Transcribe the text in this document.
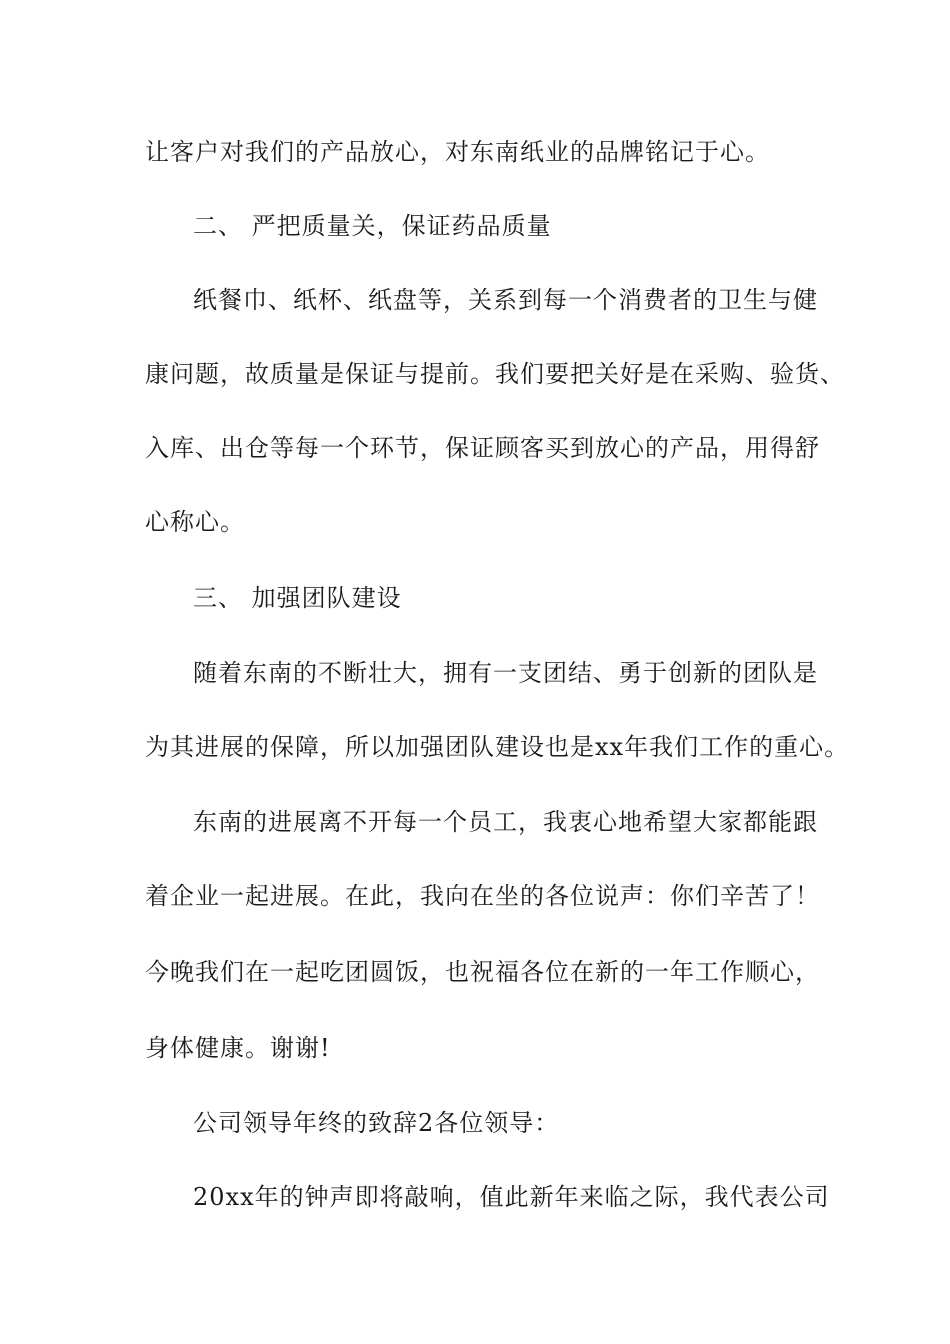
让客户对我们的产品放心，对东南纸业的品牌铭记于心。
二、 严把质量关，保证药品质量
纸餐巾、纸杯、纸盘等，关系到每一个消费者的卫生与健
康问题，故质量是保证与提前。我们要把关好是在采购、验货、
入库、出仓等每一个环节，保证顾客买到放心的产品，用得舒
心称心。
三、 加强团队建设
随着东南的不断壮大，拥有一支团结、勇于创新的团队是
为其进展的保障，所以加强团队建设也是xx年我们工作的重心。
东南的进展离不开每一个员工，我衷心地希望大家都能跟
着企业一起进展。在此，我向在坐的各位说声：你们辛苦了！
今晚我们在一起吃团圆饭，也祝福各位在新的一年工作顺心，
身体健康。谢谢!
公司领导年终的致辞2各位领导：
20xx年的钟声即将敲响，值此新年来临之际，我代表公司
